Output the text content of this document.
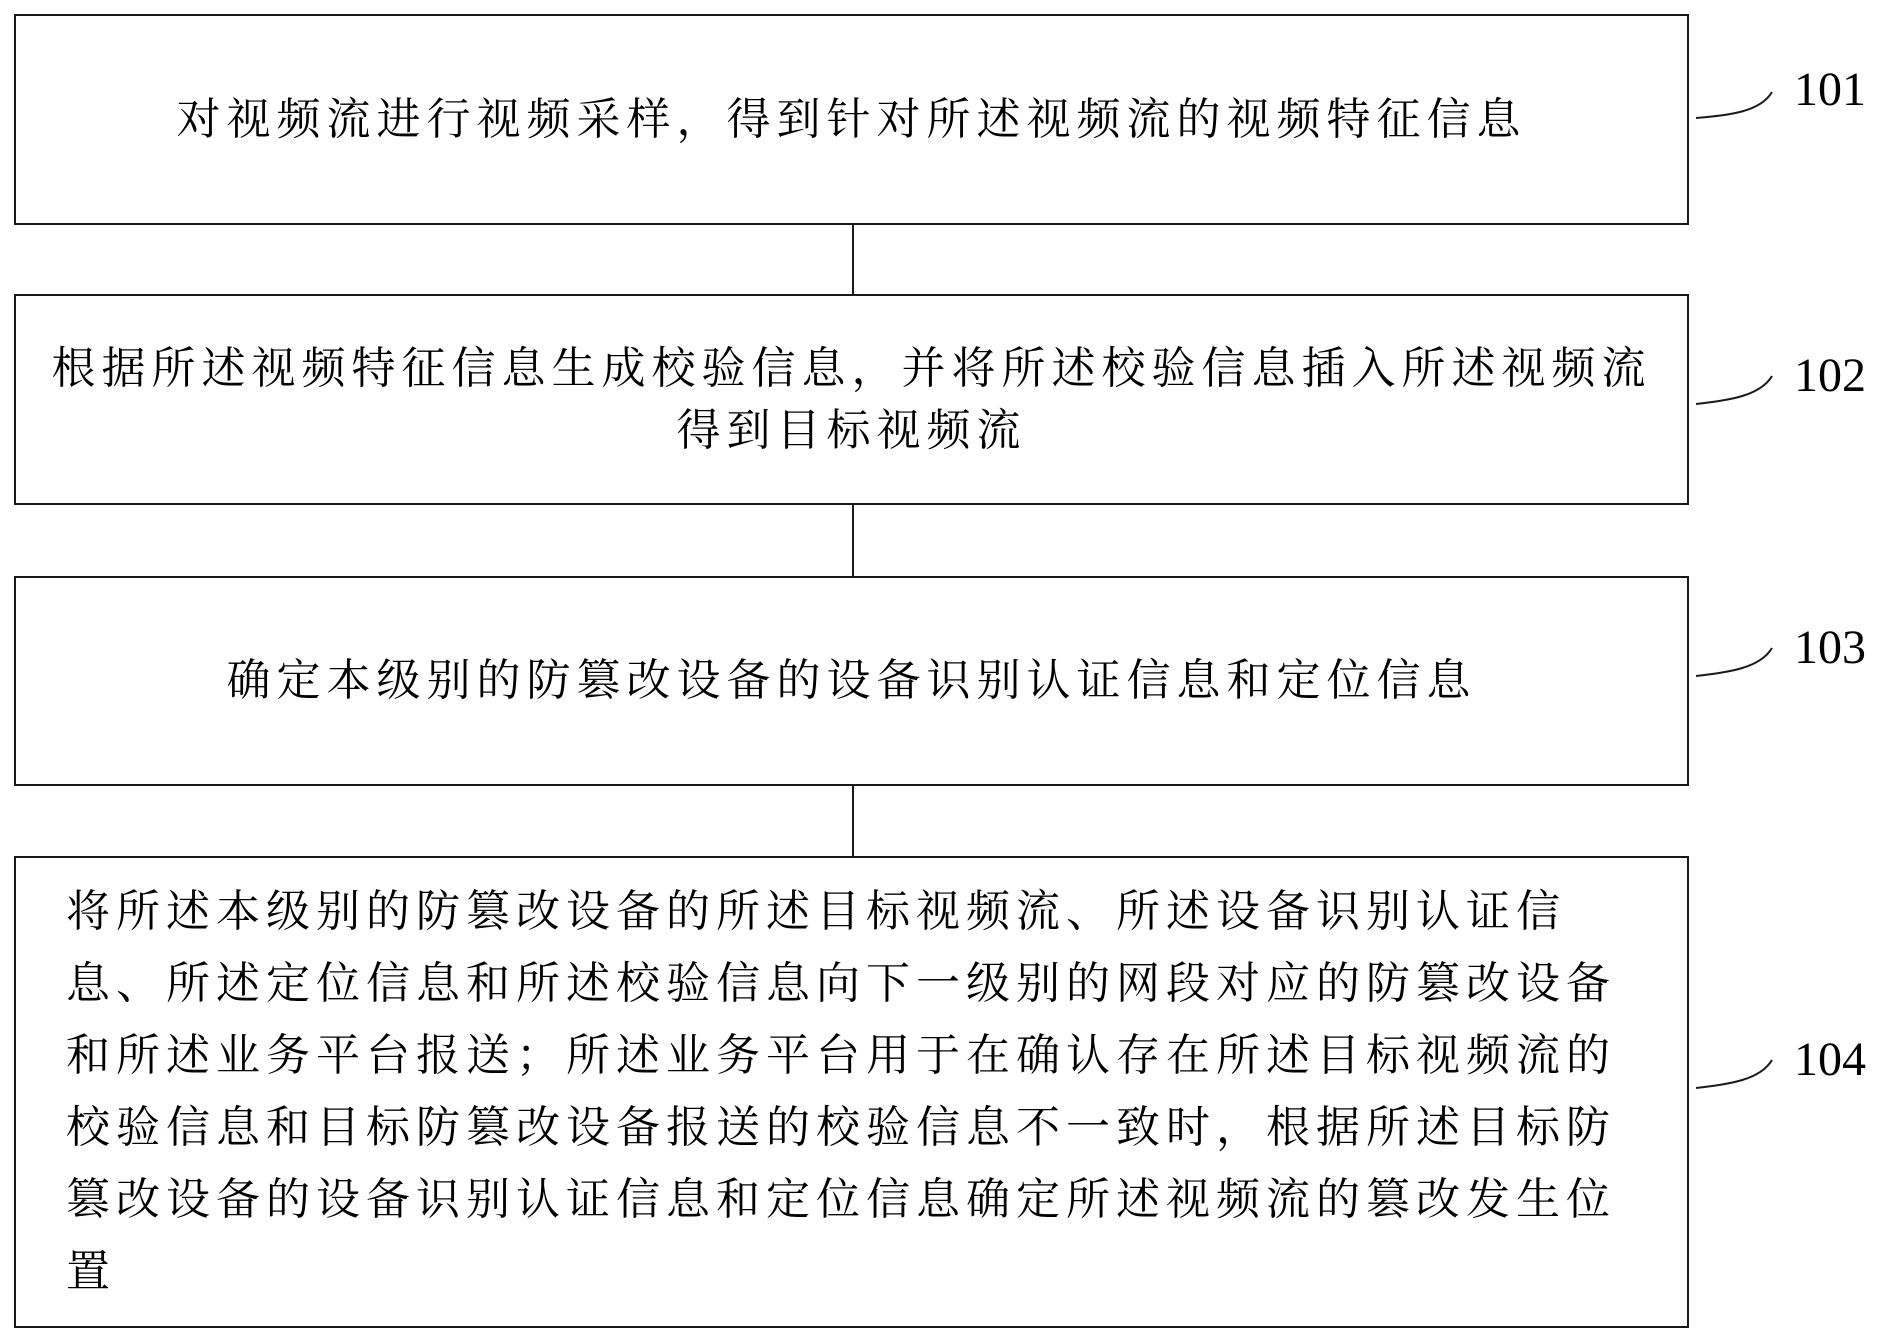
对视频流进行视频采样，得到针对所述视频流的视频特征信息
根据所述视频特征信息生成校验信息，并将所述校验信息插入所述视频流得到目标视频流
确定本级别的防篡改设备的设备识别认证信息和定位信息
将所述本级别的防篡改设备的所述目标视频流、所述设备识别认证信息、所述定位信息和所述校验信息向下一级别的网段对应的防篡改设备和所述业务平台报送；所述业务平台用于在确认存在所述目标视频流的校验信息和目标防篡改设备报送的校验信息不一致时，根据所述目标防篡改设备的设备识别认证信息和定位信息确定所述视频流的篡改发生位置
101
102
103
104
